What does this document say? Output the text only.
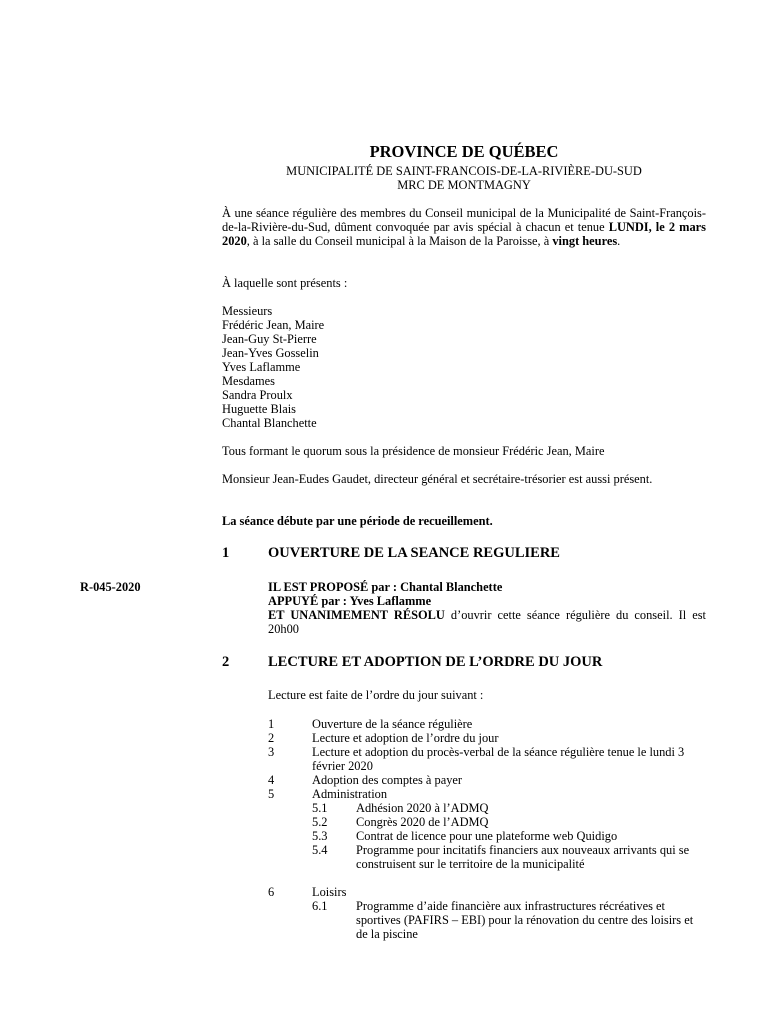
PROVINCE DE QUÉBEC
MUNICIPALITÉ DE SAINT-FRANCOIS-DE-LA-RIVIÈRE-DU-SUD
MRC DE MONTMAGNY

À une séance régulière des membres du Conseil municipal de la Municipalité de Saint-François-de-la-Rivière-du-Sud, dûment convoquée par avis spécial à chacun et tenue LUNDI, le 2 mars 2020, à la salle du Conseil municipal à la Maison de la Paroisse, à vingt heures.

À laquelle sont présents :
Messieurs
Frédéric Jean, Maire
Jean-Guy St-Pierre
Jean-Yves Gosselin
Yves Laflamme
Mesdames
Sandra Proulx
Huguette Blais
Chantal Blanchette
Tous formant le quorum sous la présidence de monsieur Frédéric Jean, Maire

Monsieur Jean-Eudes Gaudet, directeur général et secrétaire-trésorier est aussi présent.

La séance débute par une période de recueillement.
1	OUVERTURE DE LA SEANCE REGULIERE
R-045-2020	IL EST PROPOSÉ par : Chantal Blanchette
APPUYÉ par : Yves Laflamme

ET UNANIMEMENT RÉSOLU d’ouvrir cette séance régulière du conseil. Il est 20h00

2	LECTURE ET ADOPTION DE L’ORDRE DU JOUR
Lecture est faite de l’ordre du jour suivant :
1	Ouverture de la séance régulière
2	Lecture et adoption de l’ordre du jour
3	Lecture et adoption du procès-verbal de la séance régulière tenue le lundi 3 février 2020
4	Adoption des comptes à payer
5	Administration
5.1 Adhésion 2020 à l’ADMQ
5.2 Congrès 2020 de l’ADMQ
5.3 Contrat de licence pour une plateforme web Quidigo
5.4 Programme pour incitatifs financiers aux nouveaux arrivants qui se construisent sur le territoire de la municipalité
6	Loisirs
6.1 Programme d’aide financière aux infrastructures récréatives et sportives (PAFIRS – EBI) pour la rénovation du centre des loisirs et de la piscine
